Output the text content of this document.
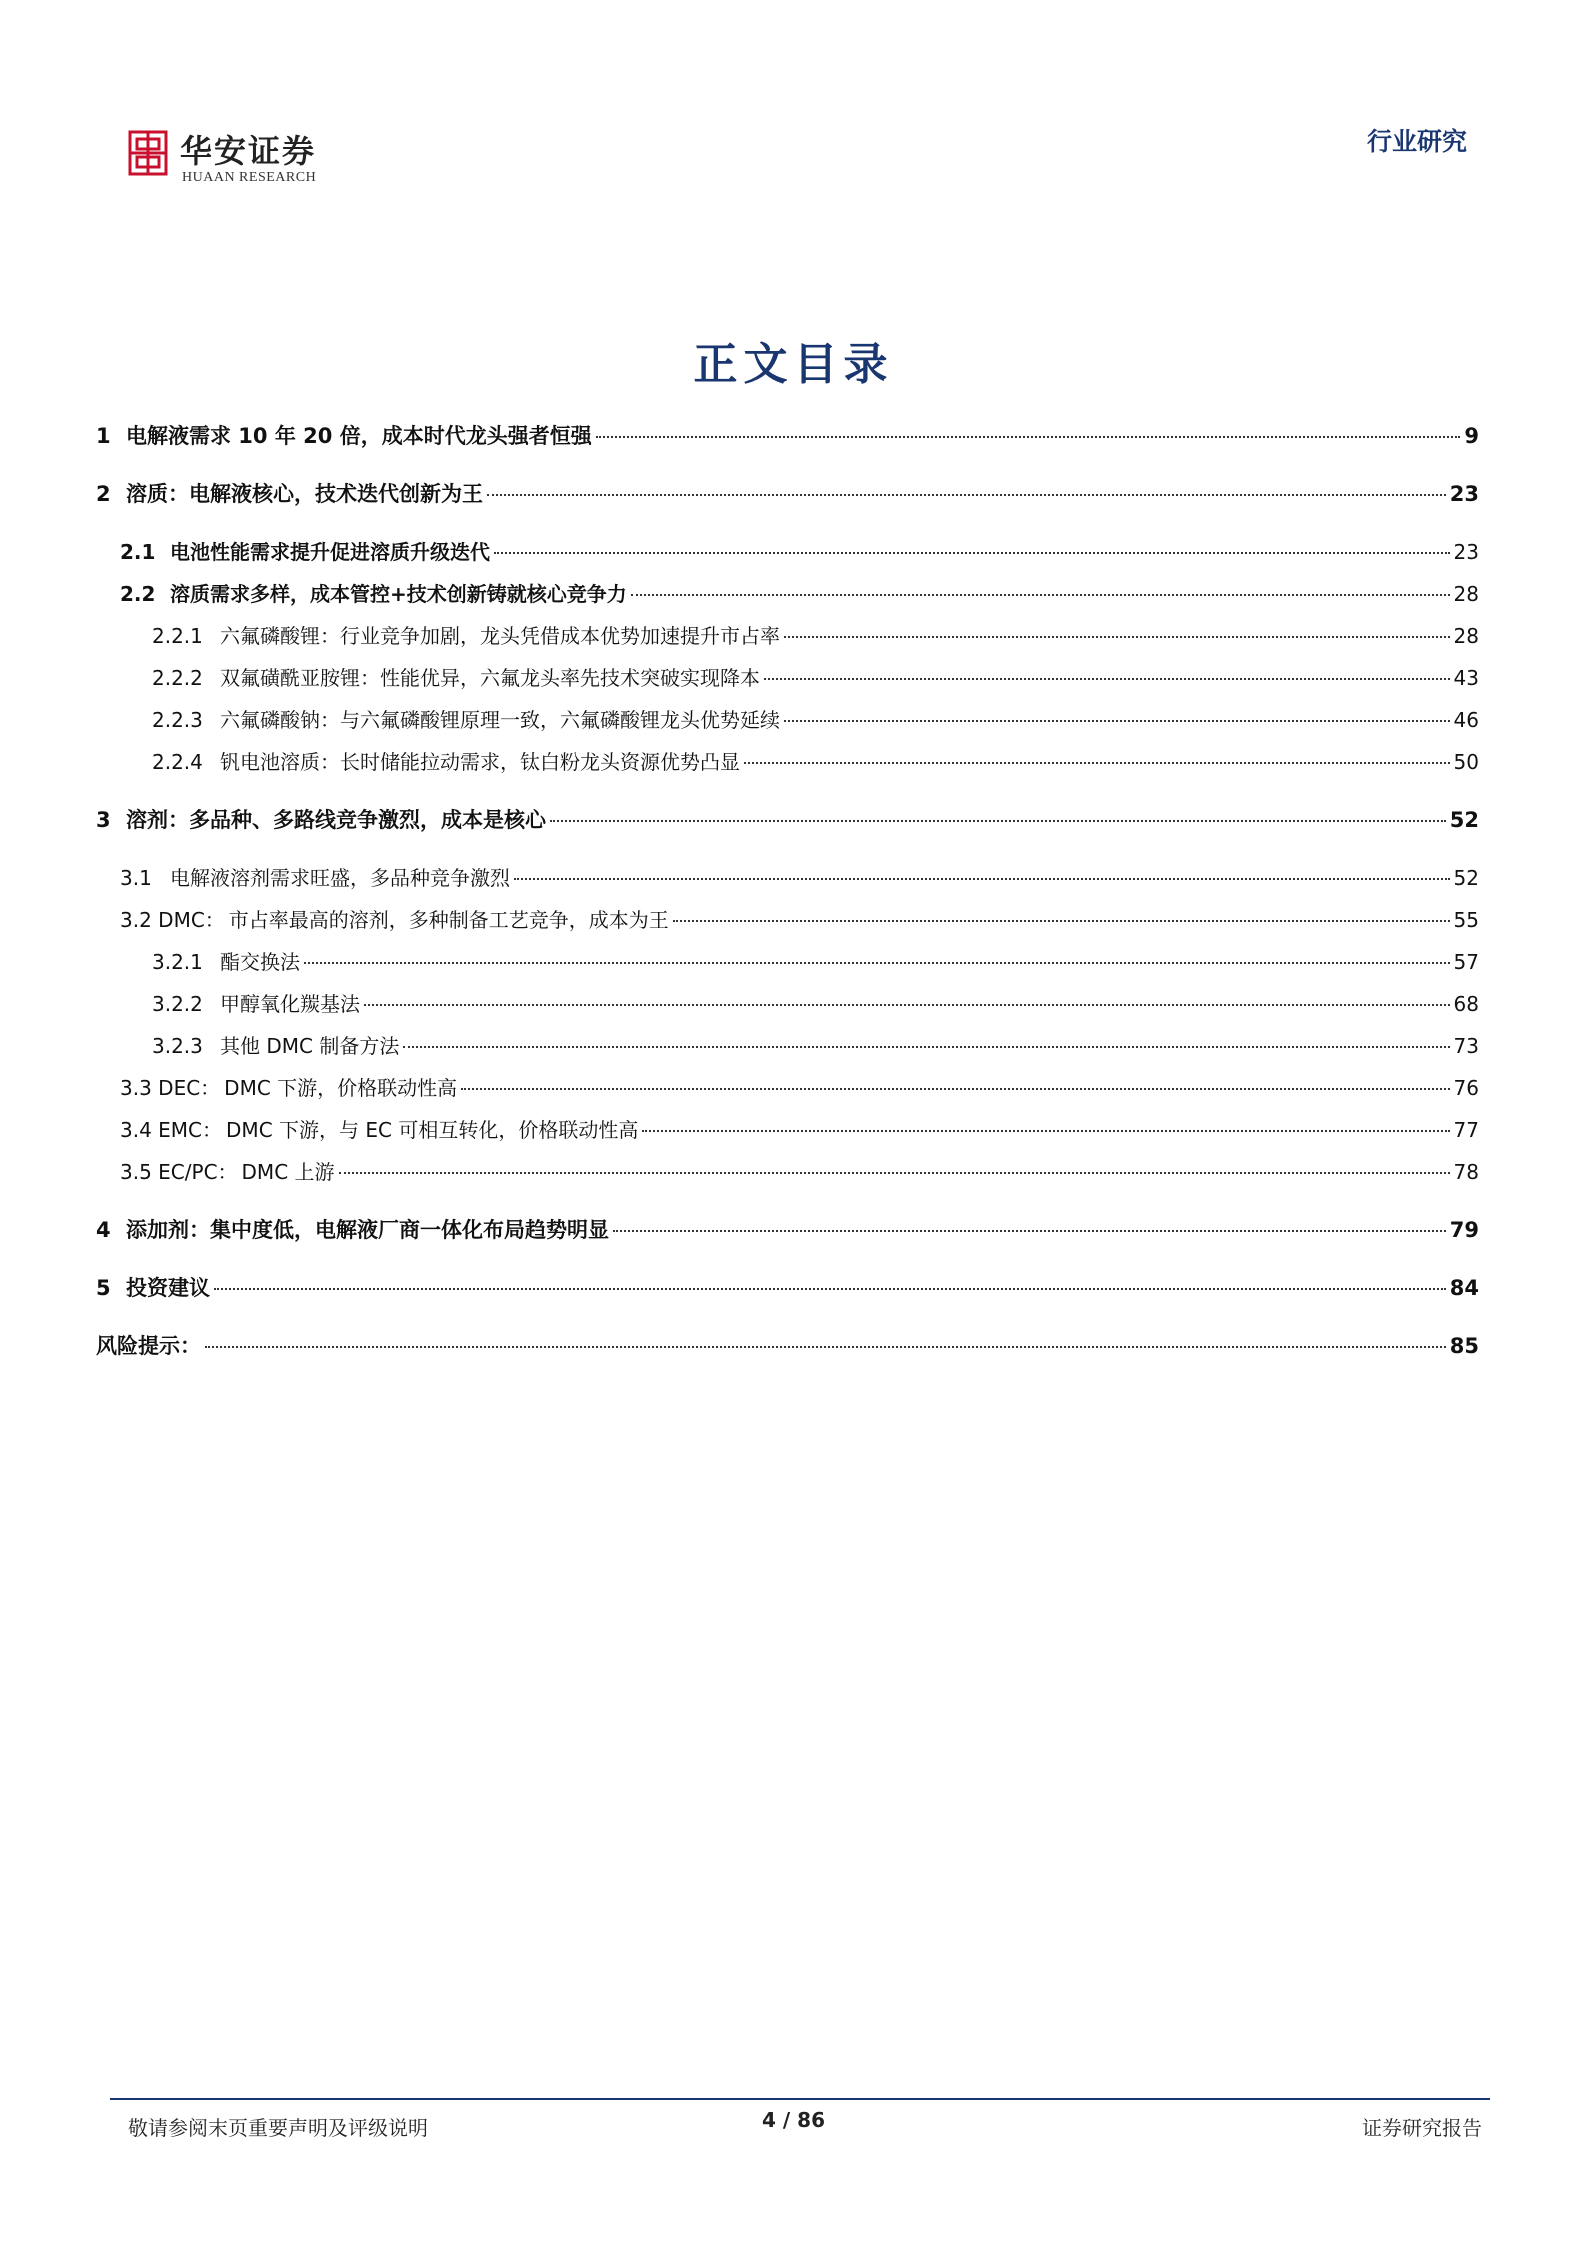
华安证券
HUAAN RESEARCH
行业研究
正文目录
1 电解液需求 10 年 20 倍，成本时代龙头强者恒强	9
2 溶质：电解液核心，技术迭代创新为王	23
2.1 电池性能需求提升促进溶质升级迭代	23
2.2 溶质需求多样，成本管控+技术创新铸就核心竞争力	28
2.2.1 六氟磷酸锂：行业竞争加剧，龙头凭借成本优势加速提升市占率	28
2.2.2 双氟磺酰亚胺锂：性能优异，六氟龙头率先技术突破实现降本	43
2.2.3 六氟磷酸钠：与六氟磷酸锂原理一致，六氟磷酸锂龙头优势延续	46
2.2.4 钒电池溶质：长时储能拉动需求，钛白粉龙头资源优势凸显	50
3 溶剂：多品种、多路线竞争激烈，成本是核心	52
3.1 电解液溶剂需求旺盛，多品种竞争激烈	52
3.2 DMC： 市占率最高的溶剂，多种制备工艺竞争，成本为王	55
3.2.1 酯交换法	57
3.2.2 甲醇氧化羰基法	68
3.2.3 其他 DMC 制备方法	73
3.3 DEC： DMC 下游，价格联动性高	76
3.4 EMC： DMC 下游，与 EC 可相互转化，价格联动性高	77
3.5 EC/PC： DMC 上游	78
4 添加剂：集中度低，电解液厂商一体化布局趋势明显	79
5 投资建议	84
风险提示：	85
敬请参阅末页重要声明及评级说明	4 / 86	证券研究报告
